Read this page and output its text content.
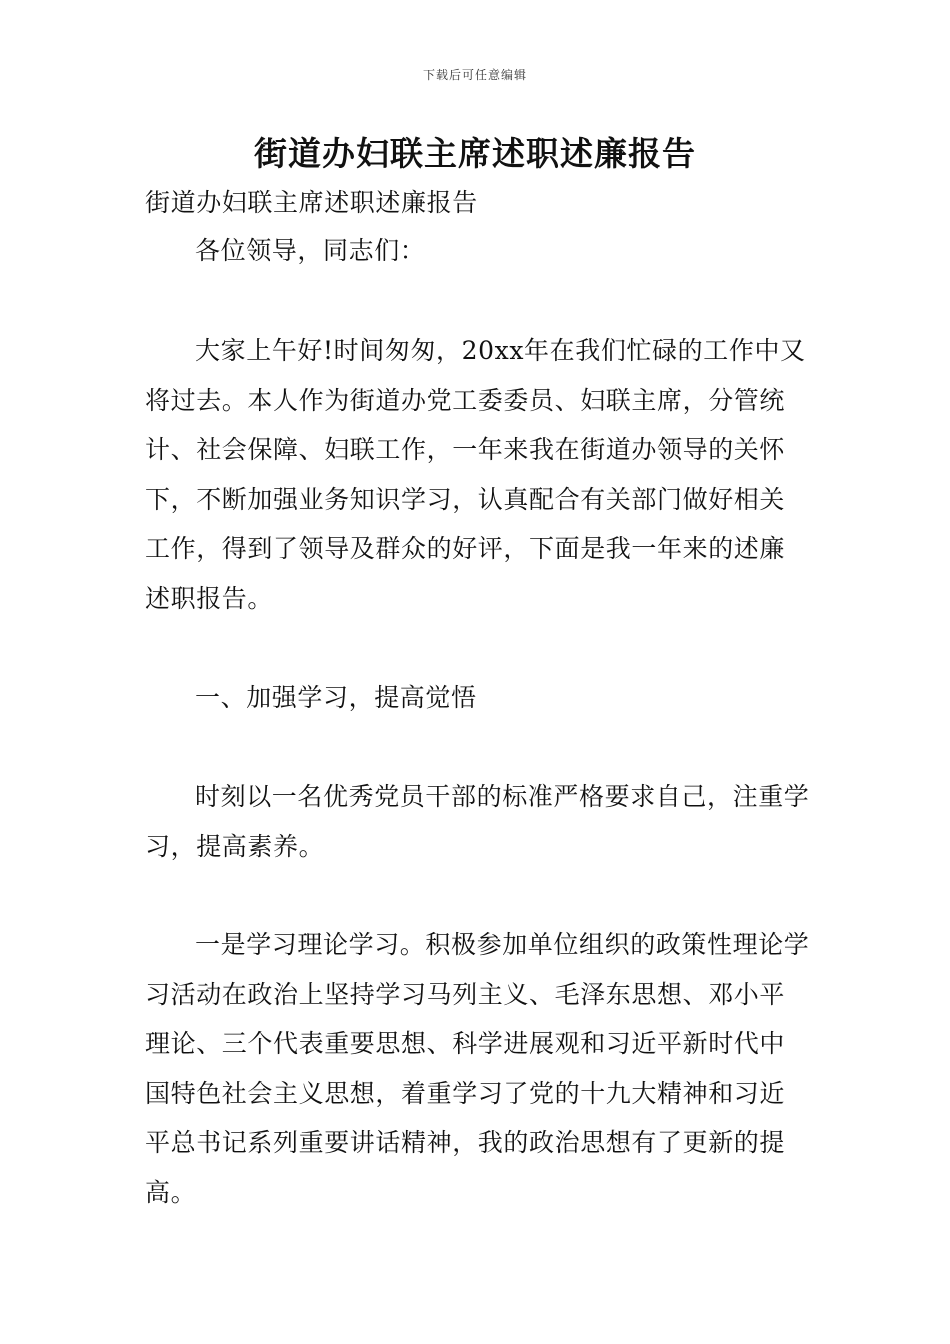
下载后可任意编辑
街道办妇联主席述职述廉报告
街道办妇联主席述职述廉报告
各位领导，同志们：
大家上午好!时间匆匆，20xx年在我们忙碌的工作中又将过去。本人作为街道办党工委委员、妇联主席，分管统计、社会保障、妇联工作，一年来我在街道办领导的关怀下，不断加强业务知识学习，认真配合有关部门做好相关工作，得到了领导及群众的好评，下面是我一年来的述廉述职报告。
一、加强学习，提高觉悟
时刻以一名优秀党员干部的标准严格要求自己，注重学习，提高素养。
一是学习理论学习。积极参加单位组织的政策性理论学习活动在政治上坚持学习马列主义、毛泽东思想、邓小平理论、三个代表重要思想、科学进展观和习近平新时代中国特色社会主义思想，着重学习了党的十九大精神和习近平总书记系列重要讲话精神，我的政治思想有了更新的提高。
